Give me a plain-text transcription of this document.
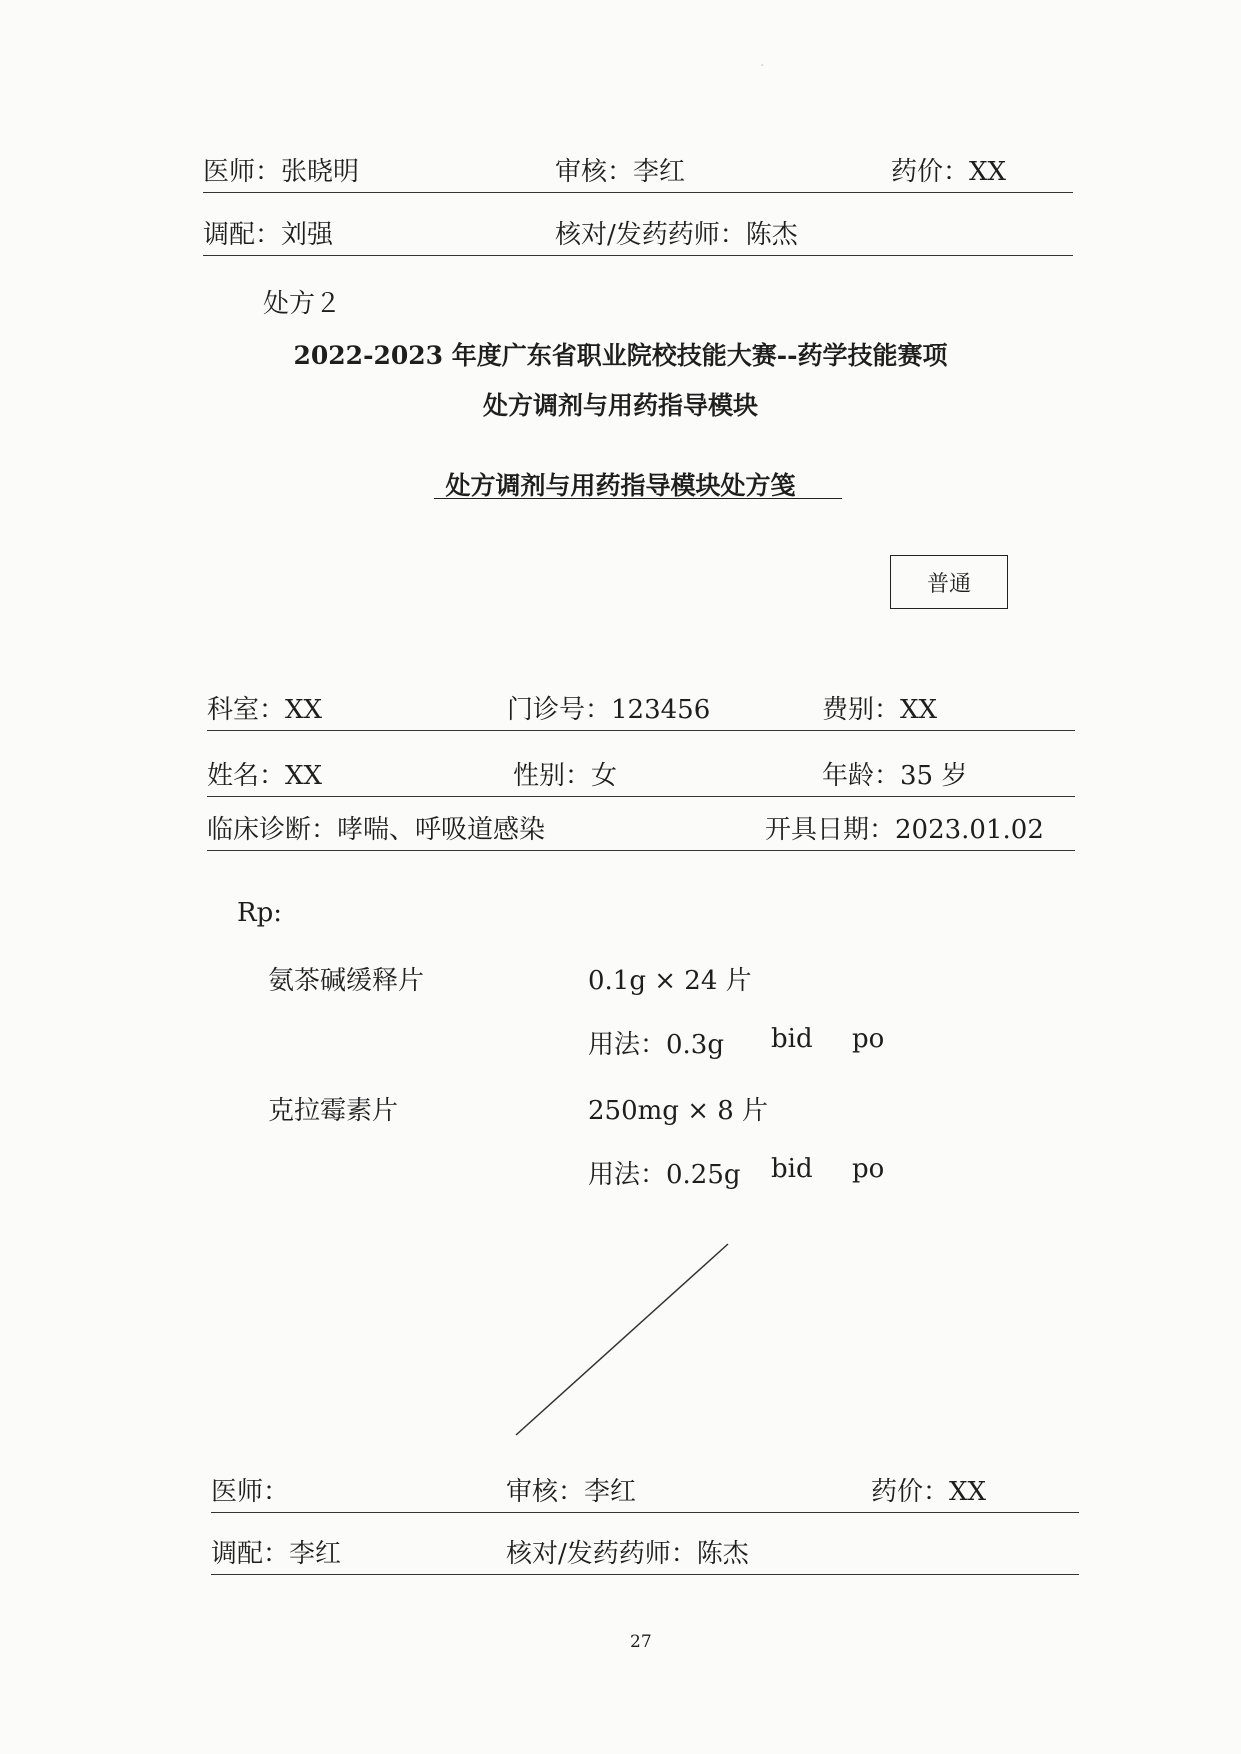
·
医师：张晓明	审核：李红	药价：XX
调配：刘强	核对/发药药师：陈杰
处方２
2022-2023 年度广东省职业院校技能大赛--药学技能赛项
处方调剂与用药指导模块
处方调剂与用药指导模块处方笺
普通
科室：XX	门诊号：123456	费别：XX
姓名：XX	性别：女	年龄：35 岁
临床诊断：哮喘、呼吸道感染	开具日期：2023.01.02
Rp:
氨茶碱缓释片	0.1g × 24 片
用法：0.3g bid po
克拉霉素片	250mg × 8 片
用法：0.25g bid po
医师：	审核：李红	药价：XX
调配：李红	核对/发药药师：陈杰
27
